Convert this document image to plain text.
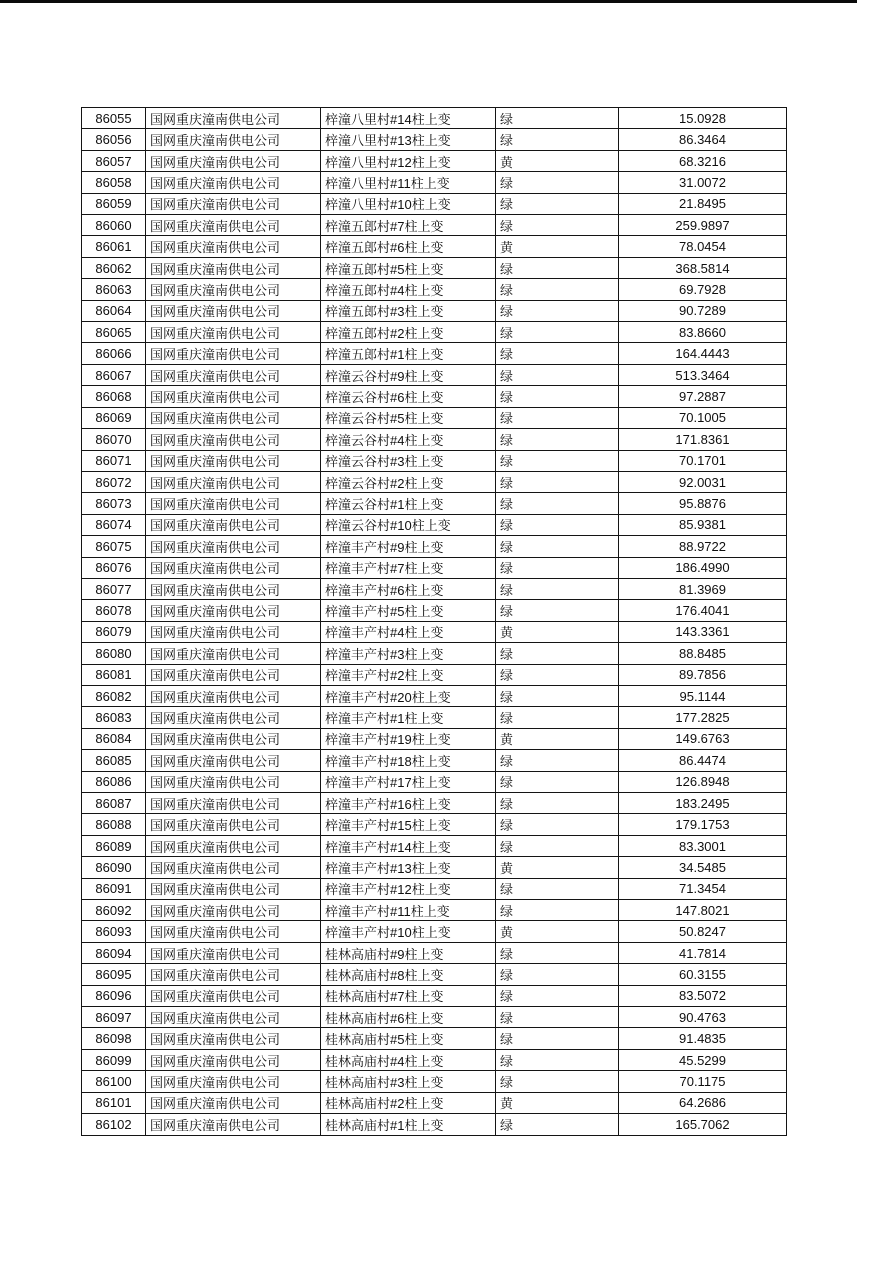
86055	国网重庆潼南供电公司	梓潼八里村#14柱上变	绿	15.0928
86056	国网重庆潼南供电公司	梓潼八里村#13柱上变	绿	86.3464
86057	国网重庆潼南供电公司	梓潼八里村#12柱上变	黄	68.3216
86058	国网重庆潼南供电公司	梓潼八里村#11柱上变	绿	31.0072
86059	国网重庆潼南供电公司	梓潼八里村#10柱上变	绿	21.8495
86060	国网重庆潼南供电公司	梓潼五郎村#7柱上变	绿	259.9897
86061	国网重庆潼南供电公司	梓潼五郎村#6柱上变	黄	78.0454
86062	国网重庆潼南供电公司	梓潼五郎村#5柱上变	绿	368.5814
86063	国网重庆潼南供电公司	梓潼五郎村#4柱上变	绿	69.7928
86064	国网重庆潼南供电公司	梓潼五郎村#3柱上变	绿	90.7289
86065	国网重庆潼南供电公司	梓潼五郎村#2柱上变	绿	83.8660
86066	国网重庆潼南供电公司	梓潼五郎村#1柱上变	绿	164.4443
86067	国网重庆潼南供电公司	梓潼云谷村#9柱上变	绿	513.3464
86068	国网重庆潼南供电公司	梓潼云谷村#6柱上变	绿	97.2887
86069	国网重庆潼南供电公司	梓潼云谷村#5柱上变	绿	70.1005
86070	国网重庆潼南供电公司	梓潼云谷村#4柱上变	绿	171.8361
86071	国网重庆潼南供电公司	梓潼云谷村#3柱上变	绿	70.1701
86072	国网重庆潼南供电公司	梓潼云谷村#2柱上变	绿	92.0031
86073	国网重庆潼南供电公司	梓潼云谷村#1柱上变	绿	95.8876
86074	国网重庆潼南供电公司	梓潼云谷村#10柱上变	绿	85.9381
86075	国网重庆潼南供电公司	梓潼丰产村#9柱上变	绿	88.9722
86076	国网重庆潼南供电公司	梓潼丰产村#7柱上变	绿	186.4990
86077	国网重庆潼南供电公司	梓潼丰产村#6柱上变	绿	81.3969
86078	国网重庆潼南供电公司	梓潼丰产村#5柱上变	绿	176.4041
86079	国网重庆潼南供电公司	梓潼丰产村#4柱上变	黄	143.3361
86080	国网重庆潼南供电公司	梓潼丰产村#3柱上变	绿	88.8485
86081	国网重庆潼南供电公司	梓潼丰产村#2柱上变	绿	89.7856
86082	国网重庆潼南供电公司	梓潼丰产村#20柱上变	绿	95.1144
86083	国网重庆潼南供电公司	梓潼丰产村#1柱上变	绿	177.2825
86084	国网重庆潼南供电公司	梓潼丰产村#19柱上变	黄	149.6763
86085	国网重庆潼南供电公司	梓潼丰产村#18柱上变	绿	86.4474
86086	国网重庆潼南供电公司	梓潼丰产村#17柱上变	绿	126.8948
86087	国网重庆潼南供电公司	梓潼丰产村#16柱上变	绿	183.2495
86088	国网重庆潼南供电公司	梓潼丰产村#15柱上变	绿	179.1753
86089	国网重庆潼南供电公司	梓潼丰产村#14柱上变	绿	83.3001
86090	国网重庆潼南供电公司	梓潼丰产村#13柱上变	黄	34.5485
86091	国网重庆潼南供电公司	梓潼丰产村#12柱上变	绿	71.3454
86092	国网重庆潼南供电公司	梓潼丰产村#11柱上变	绿	147.8021
86093	国网重庆潼南供电公司	梓潼丰产村#10柱上变	黄	50.8247
86094	国网重庆潼南供电公司	桂林高庙村#9柱上变	绿	41.7814
86095	国网重庆潼南供电公司	桂林高庙村#8柱上变	绿	60.3155
86096	国网重庆潼南供电公司	桂林高庙村#7柱上变	绿	83.5072
86097	国网重庆潼南供电公司	桂林高庙村#6柱上变	绿	90.4763
86098	国网重庆潼南供电公司	桂林高庙村#5柱上变	绿	91.4835
86099	国网重庆潼南供电公司	桂林高庙村#4柱上变	绿	45.5299
86100	国网重庆潼南供电公司	桂林高庙村#3柱上变	绿	70.1175
86101	国网重庆潼南供电公司	桂林高庙村#2柱上变	黄	64.2686
86102	国网重庆潼南供电公司	桂林高庙村#1柱上变	绿	165.7062
